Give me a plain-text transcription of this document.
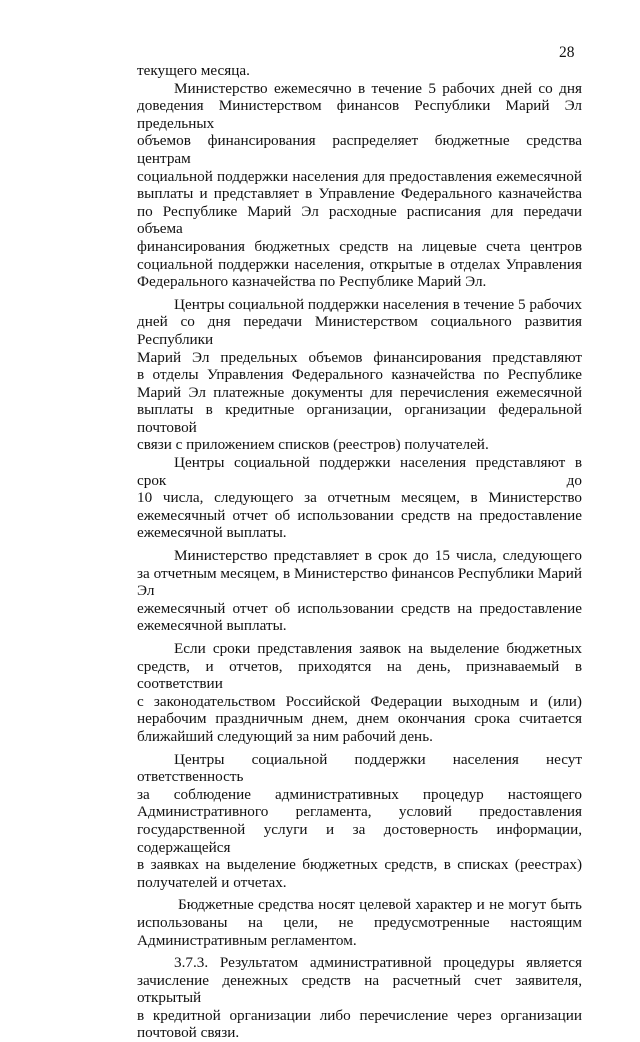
28

текущего месяца.

Министерство ежемесячно в течение 5 рабочих дней со дня

доведения Министерством финансов Республики Марий Эл предельных

объемов финансирования распределяет бюджетные средства центрам

социальной поддержки населения для предоставления ежемесячной

выплаты и представляет в Управление Федерального казначейства

по Республике Марий Эл расходные расписания для передачи объема

финансирования бюджетных средств на лицевые счета центров

социальной поддержки населения, открытые в отделах Управления

Федерального казначейства по Республике Марий Эл.

Центры социальной поддержки населения в течение 5 рабочих

дней со дня передачи Министерством социального развития Республики

Марий Эл предельных объемов финансирования представляют

в отделы Управления Федерального казначейства по Республике

Марий Эл платежные документы для перечисления ежемесячной

выплаты в кредитные организации, организации федеральной почтовой

связи с приложением списков (реестров) получателей.

Центры социальной поддержки населения представляют в срок до

10 числа, следующего за отчетным месяцем, в Министерство

ежемесячный отчет об использовании средств на предоставление

ежемесячной выплаты.

Министерство представляет в срок до 15 числа, следующего

за отчетным месяцем, в Министерство финансов Республики Марий Эл

ежемесячный отчет об использовании средств на предоставление

ежемесячной выплаты.

Если сроки представления заявок на выделение бюджетных

средств, и отчетов, приходятся на день, признаваемый в соответствии

с законодательством Российской Федерации выходным и (или)

нерабочим праздничным днем, днем окончания срока считается

ближайший следующий за ним рабочий день.

Центры социальной поддержки населения несут ответственность

за соблюдение административных процедур настоящего

Административного регламента, условий предоставления

государственной услуги и за достоверность информации, содержащейся

в заявках на выделение бюджетных средств, в списках (реестрах)

получателей и отчетах.

Бюджетные средства носят целевой характер и не могут быть

использованы на цели, не предусмотренные настоящим

Административным регламентом.

3.7.3. Результатом административной процедуры является

зачисление денежных средств на расчетный счет заявителя, открытый

в кредитной организации либо перечисление через организации

почтовой связи.
